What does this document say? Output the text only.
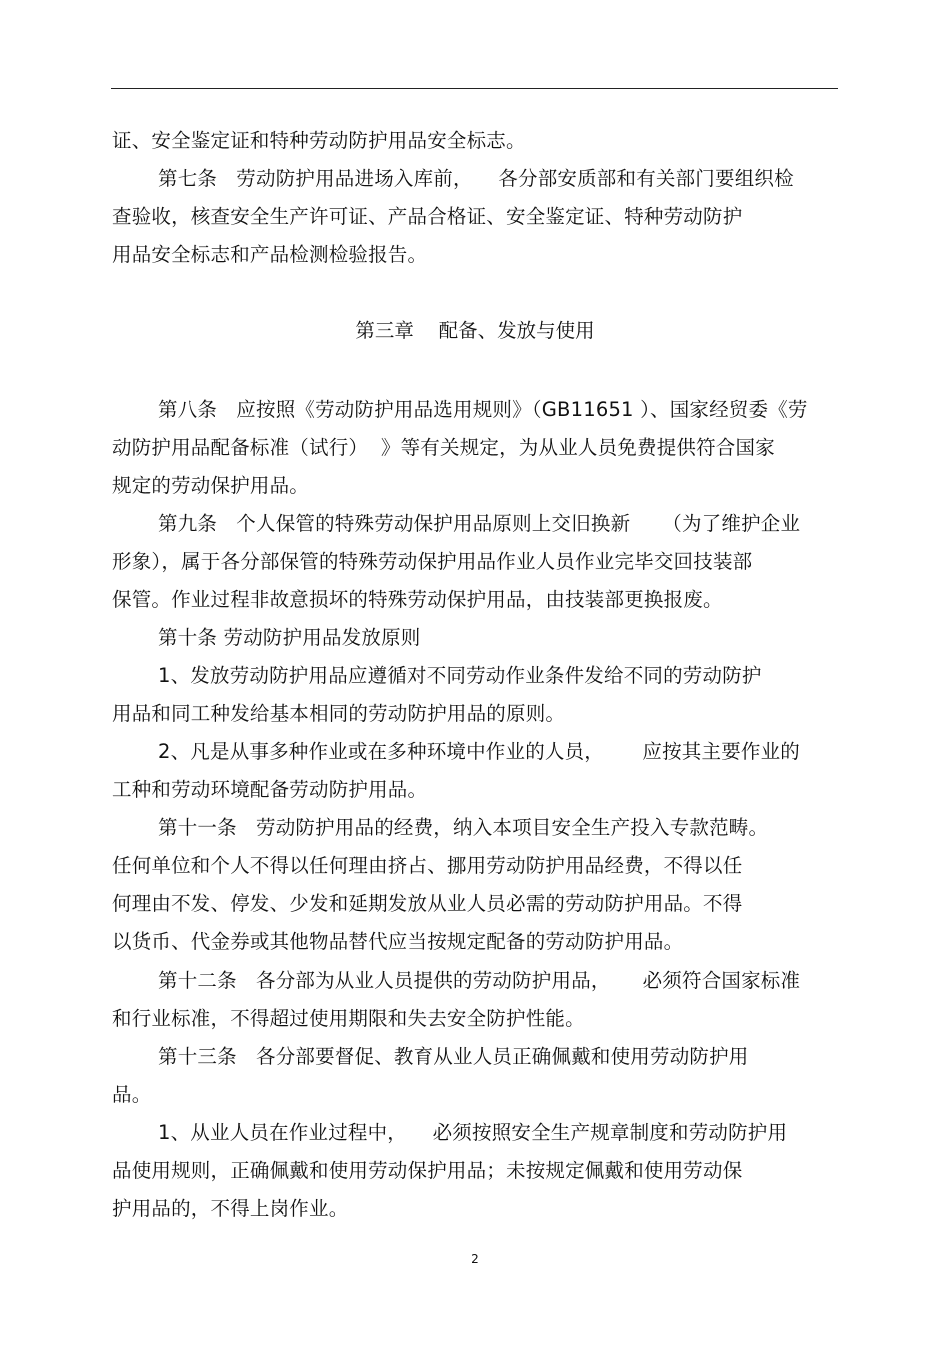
证、安全鉴定证和特种劳动防护用品安全标志。
第七条   劳动防护用品进场入库前，    各分部安质部和有关部门要组织检
查验收，核查安全生产许可证、产品合格证、安全鉴定证、特种劳动防护
用品安全标志和产品检测检验报告。
第三章    配备、发放与使用
第八条   应按照《劳动防护用品选用规则》（GB11651 ）、国家经贸委《劳
动防护用品配备标准（试行）  》等有关规定，为从业人员免费提供符合国家
规定的劳动保护用品。
第九条   个人保管的特殊劳动保护用品原则上交旧换新     （为了维护企业
形象），属于各分部保管的特殊劳动保护用品作业人员作业完毕交回技装部
保管。作业过程非故意损坏的特殊劳动保护用品，由技装部更换报废。
第十条 劳动防护用品发放原则
1、发放劳动防护用品应遵循对不同劳动作业条件发给不同的劳动防护
用品和同工种发给基本相同的劳动防护用品的原则。
2、凡是从事多种作业或在多种环境中作业的人员，      应按其主要作业的
工种和劳动环境配备劳动防护用品。
第十一条   劳动防护用品的经费，纳入本项目安全生产投入专款范畴。
任何单位和个人不得以任何理由挤占、挪用劳动防护用品经费，不得以任
何理由不发、停发、少发和延期发放从业人员必需的劳动防护用品。不得
以货币、代金券或其他物品替代应当按规定配备的劳动防护用品。
第十二条   各分部为从业人员提供的劳动防护用品，     必须符合国家标准
和行业标准，不得超过使用期限和失去安全防护性能。
第十三条   各分部要督促、教育从业人员正确佩戴和使用劳动防护用
品。
1、从业人员在作业过程中，    必须按照安全生产规章制度和劳动防护用
品使用规则，正确佩戴和使用劳动保护用品；未按规定佩戴和使用劳动保
护用品的，不得上岗作业。
2
